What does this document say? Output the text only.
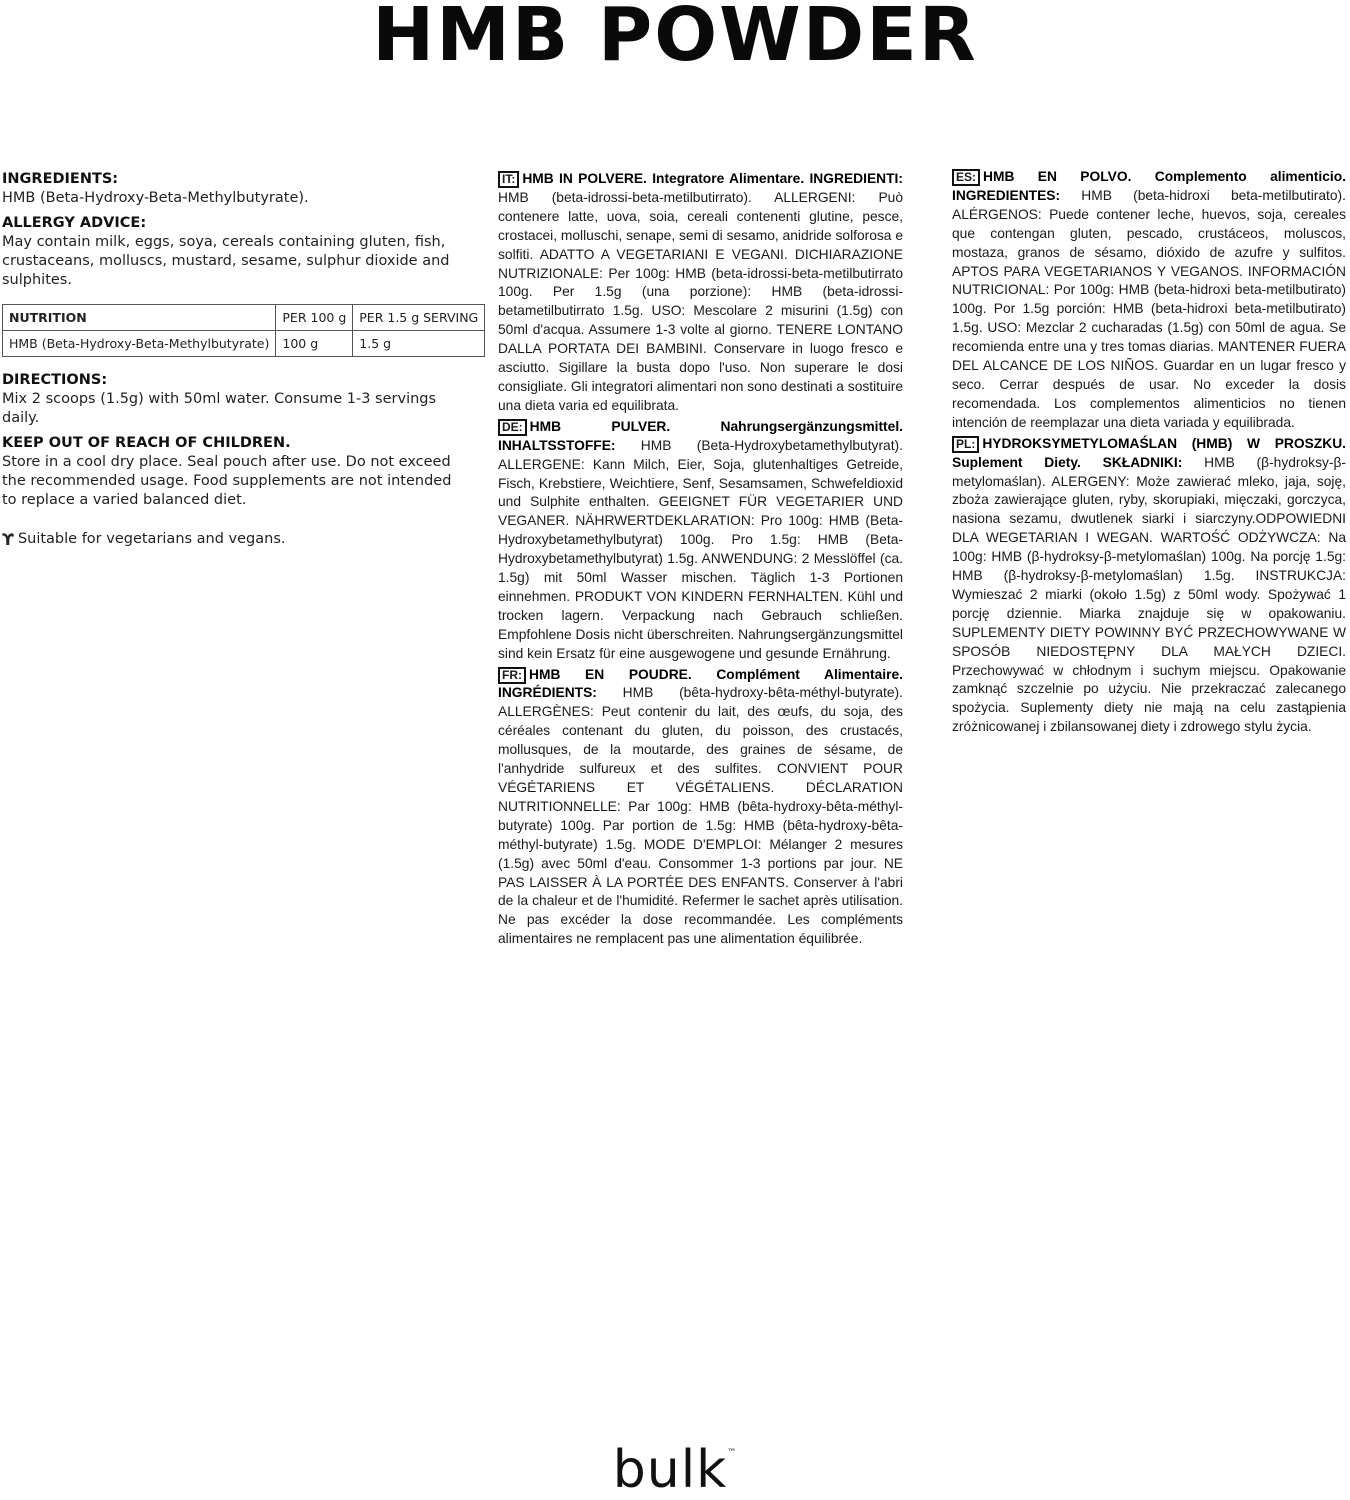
HMB POWDER

INGREDIENTS:

HMB (Beta-Hydroxy-Beta-Methylbutyrate).

ALLERGY ADVICE:

May contain milk, eggs, soya, cereals containing gluten, fish, crustaceans, molluscs, mustard, sesame, sulphur dioxide and sulphites.

NUTRITION	PER 100 g	PER 1.5 g SERVING
HMB (Beta-Hydroxy-Beta-Methylbutyrate)	100 g	1.5 g

DIRECTIONS:

Mix 2 scoops (1.5g) with 50ml water. Consume 1-3 servings daily.

KEEP OUT OF REACH OF CHILDREN.

Store in a cool dry place. Seal pouch after use. Do not exceed the recommended usage. Food supplements are not intended to replace a varied balanced diet.

ϒ Suitable for vegetarians and vegans.

IT: HMB IN POLVERE. Integratore Alimentare. INGREDIENTI: HMB (beta-idrossi-beta-metilbutirrato). ALLERGENI: Può contenere latte, uova, soia, cereali contenenti glutine, pesce, crostacei, molluschi, senape, semi di sesamo, anidride solforosa e solfiti. ADATTO A VEGETARIANI E VEGANI. DICHIARAZIONE NUTRIZIONALE: Per 100g: HMB (beta-idrossi-beta-metilbutirrato 100g. Per 1.5g (una porzione): HMB (beta-idrossi-betametilbutirrato 1.5g. USO: Mescolare 2 misurini (1.5g) con 50ml d'acqua. Assumere 1-3 volte al giorno. TENERE LONTANO DALLA PORTATA DEI BAMBINI. Conservare in luogo fresco e asciutto. Sigillare la busta dopo l'uso. Non superare le dosi consigliate. Gli integratori alimentari non sono destinati a sostituire una dieta varia ed equilibrata.

DE: HMB PULVER. Nahrungsergänzungsmittel. INHALTSSTOFFE: HMB (Beta-Hydroxybetamethylbutyrat). ALLERGENE: Kann Milch, Eier, Soja, glutenhaltiges Getreide, Fisch, Krebstiere, Weichtiere, Senf, Sesamsamen, Schwefeldioxid und Sulphite enthalten. GEEIGNET FÜR VEGETARIER UND VEGANER. NÄHRWERTDEKLARATION: Pro 100g: HMB (Beta-Hydroxybetamethylbutyrat) 100g. Pro 1.5g: HMB (Beta-Hydroxybetamethylbutyrat) 1.5g. ANWENDUNG: 2 Messlöffel (ca. 1.5g) mit 50ml Wasser mischen. Täglich 1-3 Portionen einnehmen. PRODUKT VON KINDERN FERNHALTEN. Kühl und trocken lagern. Verpackung nach Gebrauch schließen. Empfohlene Dosis nicht überschreiten. Nahrungsergänzungsmittel sind kein Ersatz für eine ausgewogene und gesunde Ernährung.

FR: HMB EN POUDRE. Complément Alimentaire. INGRÉDIENTS: HMB (bêta-hydroxy-bêta-méthyl-butyrate). ALLERGÈNES: Peut contenir du lait, des œufs, du soja, des céréales contenant du gluten, du poisson, des crustacés, mollusques, de la moutarde, des graines de sésame, de l'anhydride sulfureux et des sulfites. CONVIENT POUR VÉGÉTARIENS ET VÉGÉTALIENS. DÉCLARATION NUTRITIONNELLE: Par 100g: HMB (bêta-hydroxy-bêta-méthyl-butyrate) 100g. Par portion de 1.5g: HMB (bêta-hydroxy-bêta-méthyl-butyrate) 1.5g. MODE D'EMPLOI: Mélanger 2 mesures (1.5g) avec 50ml d'eau. Consommer 1-3 portions par jour. NE PAS LAISSER À LA PORTÉE DES ENFANTS. Conserver à l'abri de la chaleur et de l'humidité. Refermer le sachet après utilisation. Ne pas excéder la dose recommandée. Les compléments alimentaires ne remplacent pas une alimentation équilibrée.

ES: HMB EN POLVO. Complemento alimenticio. INGREDIENTES: HMB (beta-hidroxi beta-metilbutirato). ALÉRGENOS: Puede contener leche, huevos, soja, cereales que contengan gluten, pescado, crustáceos, moluscos, mostaza, granos de sésamo, dióxido de azufre y sulfitos. APTOS PARA VEGETARIANOS Y VEGANOS. INFORMACIÓN NUTRICIONAL: Por 100g: HMB (beta-hidroxi beta-metilbutirato) 100g. Por 1.5g porción: HMB (beta-hidroxi beta-metilbutirato) 1.5g. USO: Mezclar 2 cucharadas (1.5g) con 50ml de agua. Se recomienda entre una y tres tomas diarias. MANTENER FUERA DEL ALCANCE DE LOS NIÑOS. Guardar en un lugar fresco y seco. Cerrar después de usar. No exceder la dosis recomendada. Los complementos alimenticios no tienen intención de reemplazar una dieta variada y equilibrada.

PL: HYDROKSYMETYLOMAŚLAN (HMB) W PROSZKU. Suplement Diety. SKŁADNIKI: HMB (β-hydroksy-β-metylomaślan). ALERGENY: Może zawierać mleko, jaja, soję, zboża zawierające gluten, ryby, skorupiaki, mięczaki, gorczyca, nasiona sezamu, dwutlenek siarki i siarczyny.ODPOWIEDNI DLA WEGETARIAN I WEGAN. WARTOŚĆ ODŻYWCZA: Na 100g: HMB (β-hydroksy-β-metylomaślan) 100g. Na porcję 1.5g: HMB (β-hydroksy-β-metylomaślan) 1.5g. INSTRUKCJA: Wymieszać 2 miarki (około 1.5g) z 50ml wody. Spożywać 1 porcję dziennie. Miarka znajduje się w opakowaniu. SUPLEMENTY DIETY POWINNY BYĆ PRZECHOWYWANE W SPOSÓB NIEDOSTĘPNY DLA MAŁYCH DZIECI. Przechowywać w chłodnym i suchym miejscu. Opakowanie zamknąć szczelnie po użyciu. Nie przekraczać zalecanego spożycia. Suplementy diety nie mają na celu zastąpienia zróżnicowanej i zbilansowanej diety i zdrowego stylu życia.

bulk™
